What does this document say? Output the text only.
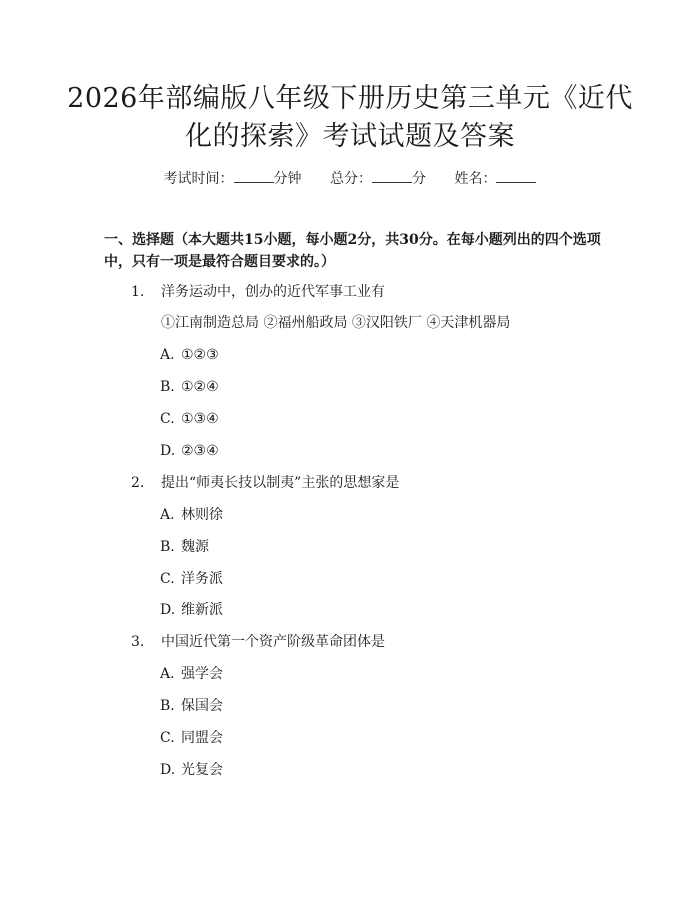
2026年部编版八年级下册历史第三单元《近代化的探索》考试试题及答案
考试时间：	分钟 总分：	分 姓名：

一、选择题（本大题共15小题，每小题2分，共30分。在每小题列出的四个选项中，只有一项是最符合题目要求的。）

1.	洋务运动中，创办的近代军事工业有
①江南制造总局 ②福州船政局 ③汉阳铁厂 ④天津机器局
A. ①②③
B. ①②④
C. ①③④
D. ②③④
2.	提出“师夷长技以制夷”主张的思想家是
A. 林则徐
B. 魏源
C. 洋务派
D. 维新派
3.	中国近代第一个资产阶级革命团体是
A. 强学会
B. 保国会
C. 同盟会
D. 光复会
